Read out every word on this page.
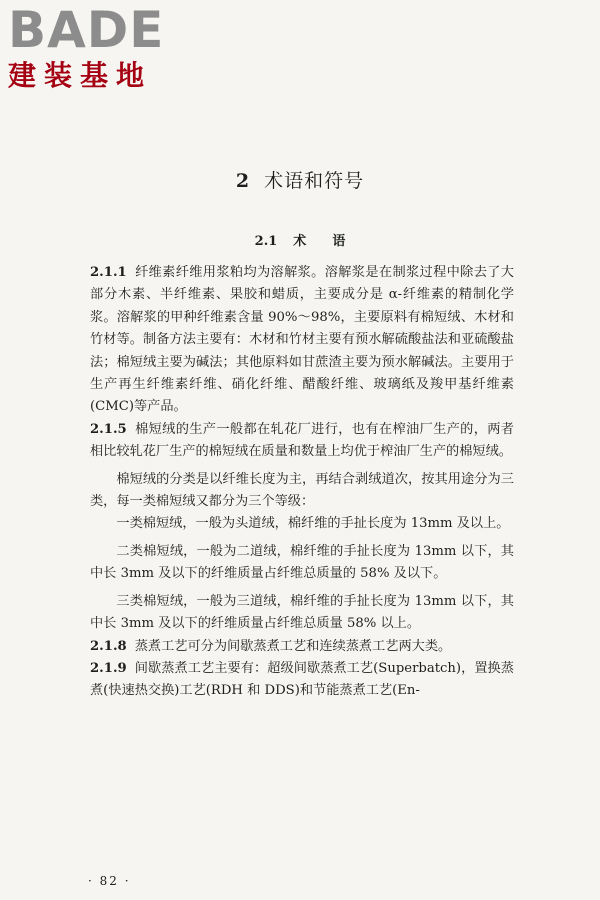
BADE
建装基地
2 术语和符号
2.1 术 语

2.1.1 纤维素纤维用浆粕均为溶解浆。溶解浆是在制浆过程中除去了大部分木素、半纤维素、果胶和蜡质，主要成分是 α-纤维素的精制化学浆。溶解浆的甲种纤维素含量 90%～98%，主要原料有棉短绒、木材和竹材等。制备方法主要有：木材和竹材主要有预水解硫酸盐法和亚硫酸盐法；棉短绒主要为碱法；其他原料如甘蔗渣主要为预水解碱法。主要用于生产再生纤维素纤维、硝化纤维、醋酸纤维、玻璃纸及羧甲基纤维素(CMC)等产品。

2.1.5 棉短绒的生产一般都在轧花厂进行，也有在榨油厂生产的，两者相比较轧花厂生产的棉短绒在质量和数量上均优于榨油厂生产的棉短绒。

棉短绒的分类是以纤维长度为主，再结合剥绒道次，按其用途分为三类，每一类棉短绒又都分为三个等级：

一类棉短绒，一般为头道绒，棉纤维的手扯长度为 13mm 及以上。

二类棉短绒，一般为二道绒，棉纤维的手扯长度为 13mm 以下，其中长 3mm 及以下的纤维质量占纤维总质量的 58% 及以下。

三类棉短绒，一般为三道绒，棉纤维的手扯长度为 13mm 以下，其中长 3mm 及以下的纤维质量占纤维总质量 58% 以上。

2.1.8 蒸煮工艺可分为间歇蒸煮工艺和连续蒸煮工艺两大类。

2.1.9 间歇蒸煮工艺主要有：超级间歇蒸煮工艺(Superbatch)，置换蒸煮(快速热交换)工艺(RDH 和 DDS)和节能蒸煮工艺(En-

· 82 ·
